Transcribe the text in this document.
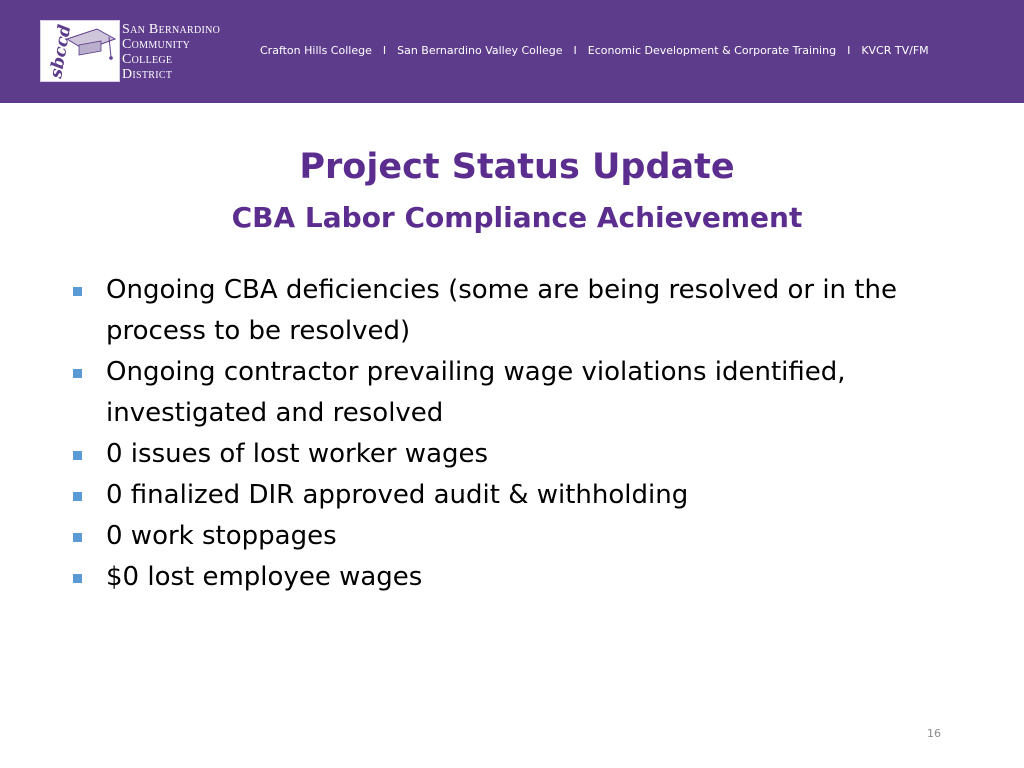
sbccd	San Bernardino
Community
College
District
Crafton Hills College I San Bernardino Valley College I Economic Development & Corporate Training I KVCR TV/FM
Project Status Update
CBA Labor Compliance Achievement
Ongoing CBA deficiencies (some are being resolved or in the process to be resolved)
Ongoing contractor prevailing wage violations identified, investigated and resolved
0 issues of lost worker wages
0 finalized DIR approved audit & withholding
0 work stoppages
$0 lost employee wages
16
